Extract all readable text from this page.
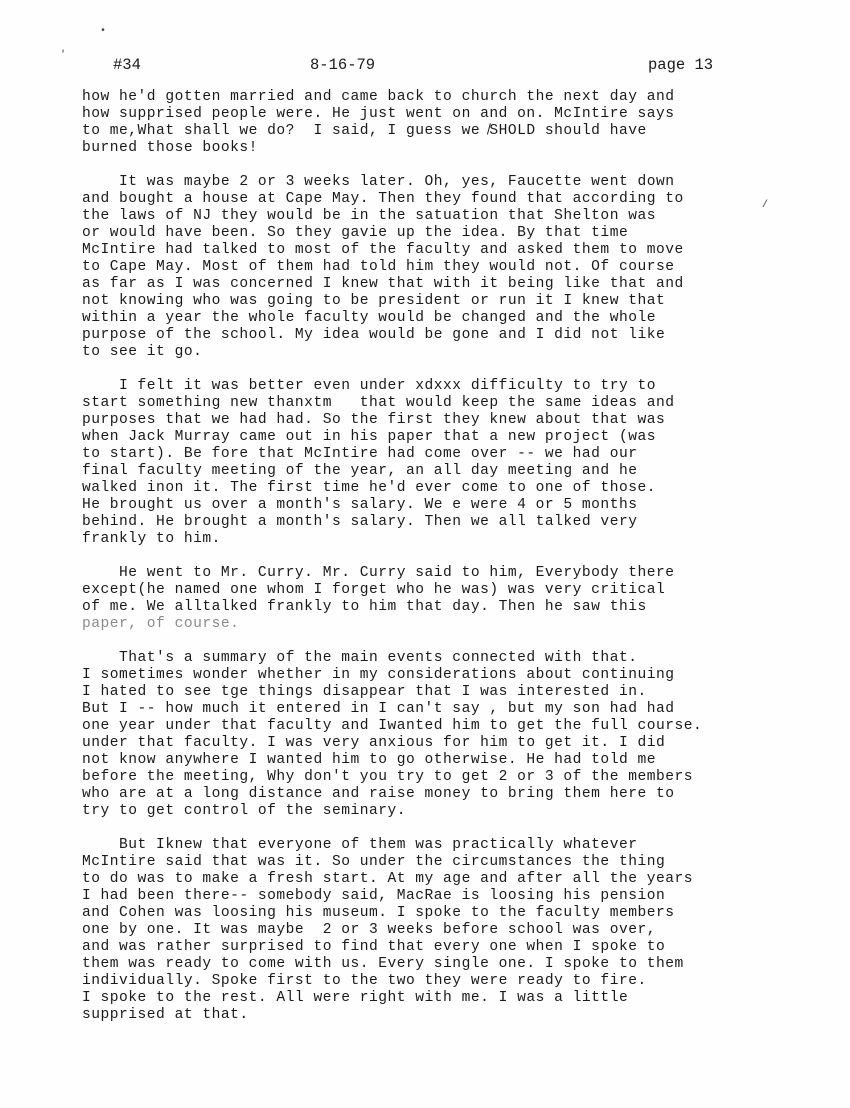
•
'
/
#34	8-16-79	page 13
how he'd gotten married and came back to church the next day and
how supprised people were. He just went on and on. McIntire says
to me,What shall we do?  I said, I guess we ̸SHOLD should have
burned those books!
It was maybe 2 or 3 weeks later. Oh, yes, Faucette went down
and bought a house at Cape May. Then they found that according to
the laws of NJ they would be in the satuation that Shelton was
or would have been. So they gavie up the idea. By that time
McIntire had talked to most of the faculty and asked them to move
to Cape May. Most of them had told him they would not. Of course
as far as I was concerned I knew that with it being like that and
not knowing who was going to be president or run it I knew that
within a year the whole faculty would be changed and the whole
purpose of the school. My idea would be gone and I did not like
to see it go.
I felt it was better even under xdxxx difficulty to try to
start something new thanxtm   that would keep the same ideas and
purposes that we had had. So the first they knew about that was
when Jack Murray came out in his paper that a new project (was
to start). Be fore that McIntire had come over -- we had our
final faculty meeting of the year, an all day meeting and he
walked inon it. The first time he'd ever come to one of those.
He brought us over a month's salary. We e were 4 or 5 months
behind. He brought a month's salary. Then we all talked very
frankly to him.
He went to Mr. Curry. Mr. Curry said to him, Everybody there
except(he named one whom I forget who he was) was very critical
of me. We alltalked frankly to him that day. Then he saw this
paper, of course.
That's a summary of the main events connected with that.
I sometimes wonder whether in my considerations about continuing
I hated to see tge things disappear that I was interested in.
But I -- how much it entered in I can't say , but my son had had
one year under that faculty and Iwanted him to get the full course.
under that faculty. I was very anxious for him to get it. I did
not know anywhere I wanted him to go otherwise. He had told me
before the meeting, Why don't you try to get 2 or 3 of the members
who are at a long distance and raise money to bring them here to
try to get control of the seminary.
But Iknew that everyone of them was practically whatever
McIntire said that was it. So under the circumstances the thing
to do was to make a fresh start. At my age and after all the years
I had been there-- somebody said, MacRae is loosing his pension
and Cohen was loosing his museum. I spoke to the faculty members
one by one. It was maybe  2 or 3 weeks before school was over,
and was rather surprised to find that every one when I spoke to
them was ready to come with us. Every single one. I spoke to them
individually. Spoke first to the two they were ready to fire.
I spoke to the rest. All were right with me. I was a little
supprised at that.
